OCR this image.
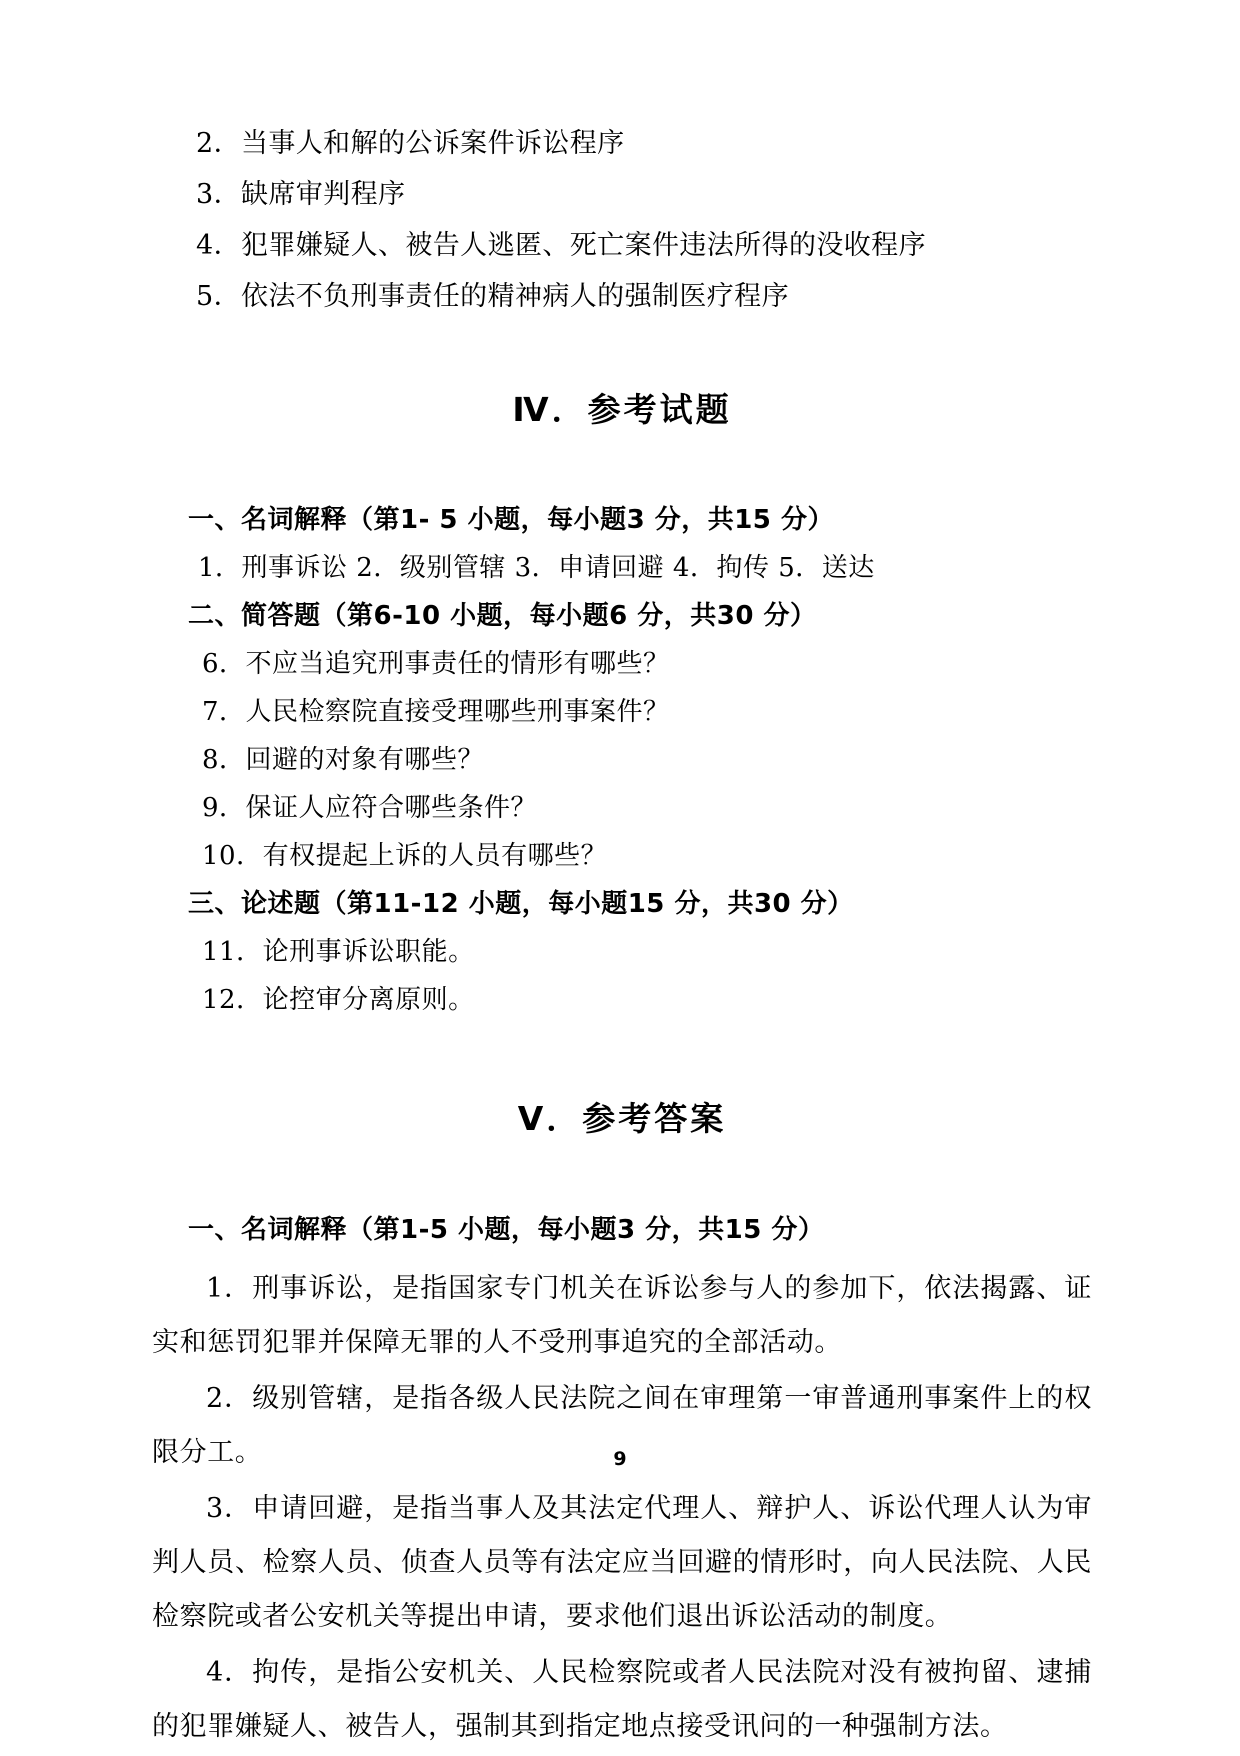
2．当事人和解的公诉案件诉讼程序

3．缺席审判程序

4．犯罪嫌疑人、被告人逃匿、死亡案件违法所得的没收程序

5．依法不负刑事责任的精神病人的强制医疗程序

Ⅳ．参考试题

一、名词解释（第1- 5 小题，每小题3 分，共15 分）

1．刑事诉讼 2．级别管辖 3．申请回避 4．拘传 5．送达

二、简答题（第6-10 小题，每小题6 分，共30 分）

6．不应当追究刑事责任的情形有哪些？

7．人民检察院直接受理哪些刑事案件？

8．回避的对象有哪些？

9．保证人应符合哪些条件？

10．有权提起上诉的人员有哪些？

三、论述题（第11-12 小题，每小题15 分，共30 分）

11．论刑事诉讼职能。

12．论控审分离原则。

Ⅴ．参考答案

一、名词解释（第1-5 小题，每小题3 分，共15 分）

1．刑事诉讼，是指国家专门机关在诉讼参与人的参加下，依法揭露、证实和惩罚犯罪并保障无罪的人不受刑事追究的全部活动。

2．级别管辖，是指各级人民法院之间在审理第一审普通刑事案件上的权限分工。

3．申请回避，是指当事人及其法定代理人、辩护人、诉讼代理人认为审判人员、检察人员、侦查人员等有法定应当回避的情形时，向人民法院、人民检察院或者公安机关等提出申请，要求他们退出诉讼活动的制度。

4．拘传，是指公安机关、人民检察院或者人民法院对没有被拘留、逮捕的犯罪嫌疑人、被告人，强制其到指定地点接受讯问的一种强制方法。

9
